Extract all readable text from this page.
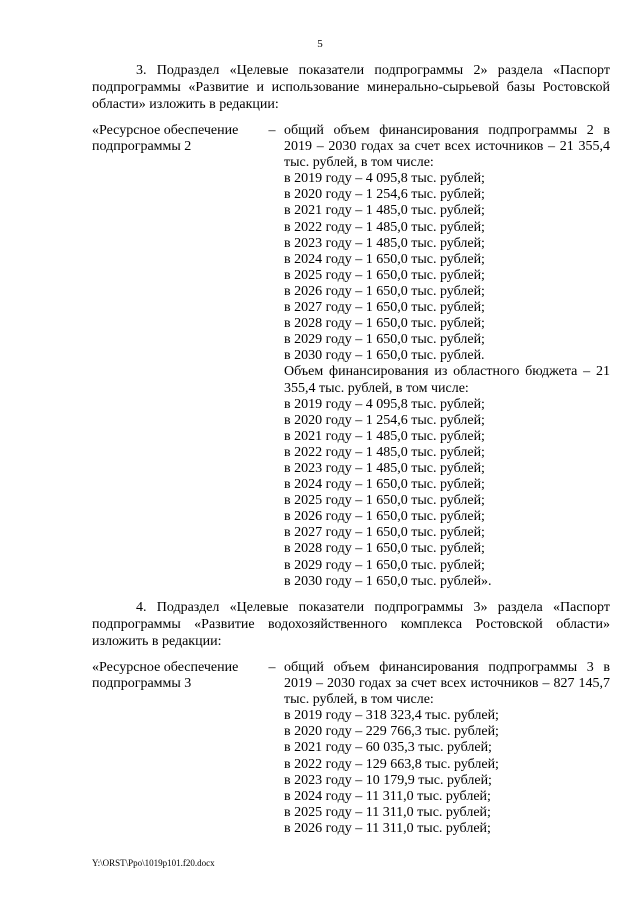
5
3. Подраздел «Целевые показатели подпрограммы 2» раздела «Паспорт подпрограммы «Развитие и использование минерально-сырьевой базы Ростовской области» изложить в редакции:
«Ресурсное обеспечение подпрограммы 2
– общий объем финансирования подпрограммы 2 в 2019 – 2030 годах за счет всех источников – 21 355,4 тыс. рублей, в том числе:
в 2019 году – 4 095,8 тыс. рублей;
в 2020 году – 1 254,6 тыс. рублей;
в 2021 году – 1 485,0 тыс. рублей;
в 2022 году – 1 485,0 тыс. рублей;
в 2023 году – 1 485,0 тыс. рублей;
в 2024 году – 1 650,0 тыс. рублей;
в 2025 году – 1 650,0 тыс. рублей;
в 2026 году – 1 650,0 тыс. рублей;
в 2027 году – 1 650,0 тыс. рублей;
в 2028 году – 1 650,0 тыс. рублей;
в 2029 году – 1 650,0 тыс. рублей;
в 2030 году – 1 650,0 тыс. рублей.
Объем финансирования из областного бюджета – 21 355,4 тыс. рублей, в том числе:
в 2019 году – 4 095,8 тыс. рублей;
в 2020 году – 1 254,6 тыс. рублей;
в 2021 году – 1 485,0 тыс. рублей;
в 2022 году – 1 485,0 тыс. рублей;
в 2023 году – 1 485,0 тыс. рублей;
в 2024 году – 1 650,0 тыс. рублей;
в 2025 году – 1 650,0 тыс. рублей;
в 2026 году – 1 650,0 тыс. рублей;
в 2027 году – 1 650,0 тыс. рублей;
в 2028 году – 1 650,0 тыс. рублей;
в 2029 году – 1 650,0 тыс. рублей;
в 2030 году – 1 650,0 тыс. рублей».
4. Подраздел «Целевые показатели подпрограммы 3» раздела «Паспорт подпрограммы «Развитие водохозяйственного комплекса Ростовской области» изложить в редакции:
«Ресурсное обеспечение подпрограммы 3
– общий объем финансирования подпрограммы 3 в 2019 – 2030 годах за счет всех источников – 827 145,7 тыс. рублей, в том числе:
в 2019 году – 318 323,4 тыс. рублей;
в 2020 году – 229 766,3 тыс. рублей;
в 2021 году – 60 035,3 тыс. рублей;
в 2022 году – 129 663,8 тыс. рублей;
в 2023 году – 10 179,9 тыс. рублей;
в 2024 году – 11 311,0 тыс. рублей;
в 2025 году – 11 311,0 тыс. рублей;
в 2026 году – 11 311,0 тыс. рублей;
Y:\ORST\Ppo\1019p101.f20.docx
